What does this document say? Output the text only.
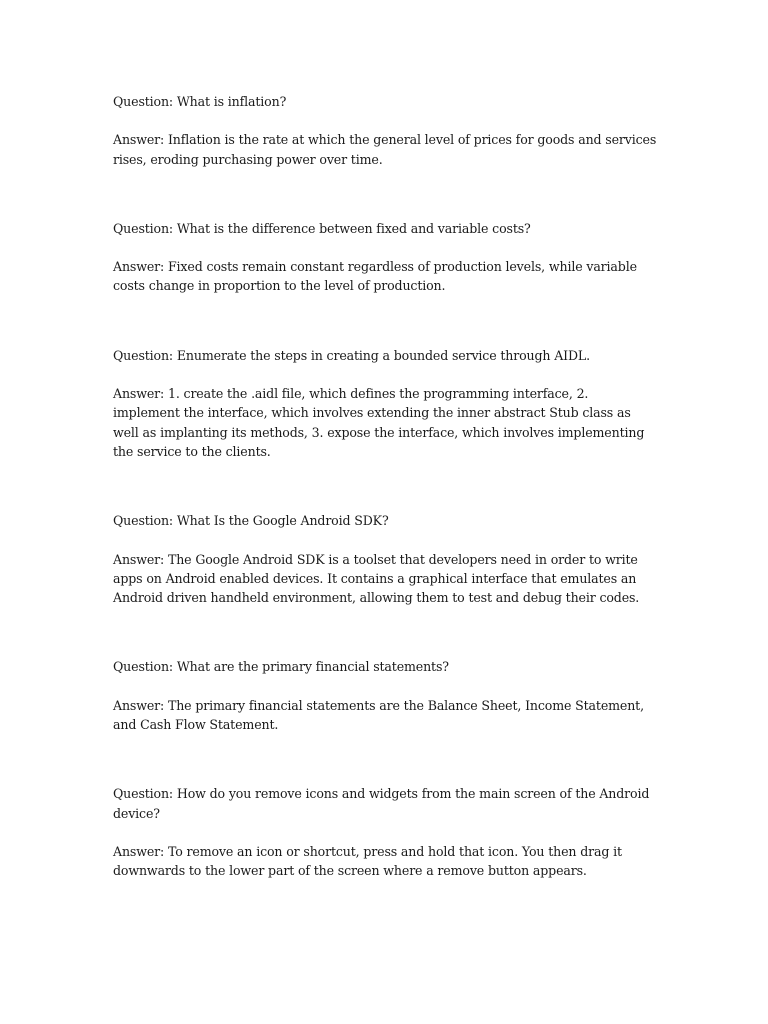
Question: What is inflation?

Answer: Inflation is the rate at which the general level of prices for goods and services rises, eroding purchasing power over time.

Question: What is the difference between fixed and variable costs?

Answer: Fixed costs remain constant regardless of production levels, while variable costs change in proportion to the level of production.

Question: Enumerate the steps in creating a bounded service through AIDL.

Answer: 1. create the .aidl file, which defines the programming interface, 2. implement the interface, which involves extending the inner abstract Stub class as well as implanting its methods, 3. expose the interface, which involves implementing the service to the clients.

Question: What Is the Google Android SDK?

Answer: The Google Android SDK is a toolset that developers need in order to write apps on Android enabled devices. It contains a graphical interface that emulates an Android driven handheld environment, allowing them to test and debug their codes.

Question: What are the primary financial statements?

Answer: The primary financial statements are the Balance Sheet, Income Statement, and Cash Flow Statement.

Question: How do you remove icons and widgets from the main screen of the Android device?

Answer: To remove an icon or shortcut, press and hold that icon. You then drag it downwards to the lower part of the screen where a remove button appears.
